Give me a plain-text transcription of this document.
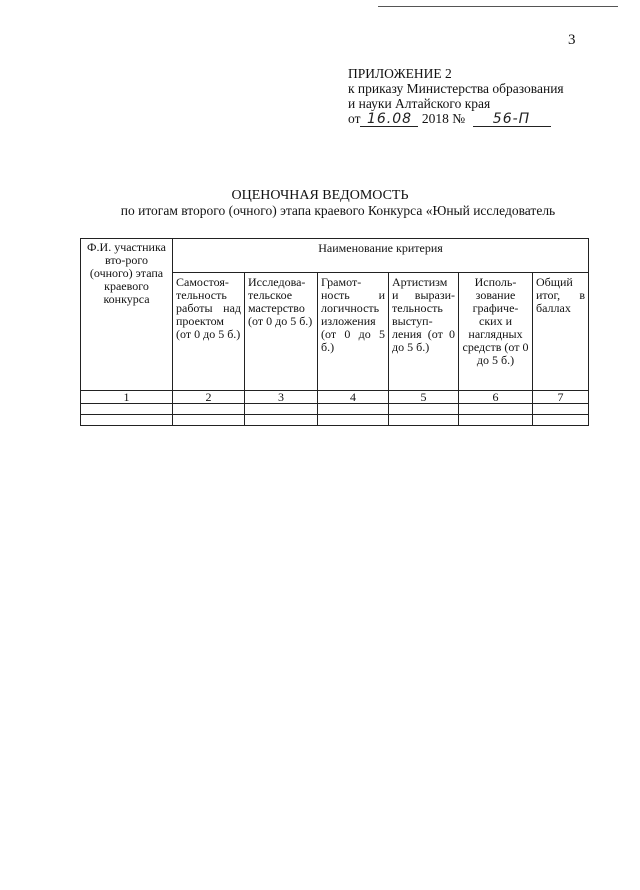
3
ПРИЛОЖЕНИЕ 2
к приказу Министерства образования
и науки Алтайского края
от 16.08 2018 № 56-П
ОЦЕНОЧНАЯ ВЕДОМОСТЬ
по итогам второго (очного) этапа краевого Конкурса «Юный исследователь
Ф.И. участника вто-рого (очного) этапа краевого конкурса	Наименование критерия					
	Самостоя-тельность работы над проектом (от 0 до 5 б.)	Исследова-тельское мастерство (от 0 до 5 б.)	Грамот-ность и логичность изложения (от 0 до 5 б.)	Артистизм и вырази-тельность выступ-ления (от 0 до 5 б.)	Исполь-зование графиче-ских и наглядных средств (от 0 до 5 б.)	Общий итог, в баллах
1	2	3	4	5	6	7
